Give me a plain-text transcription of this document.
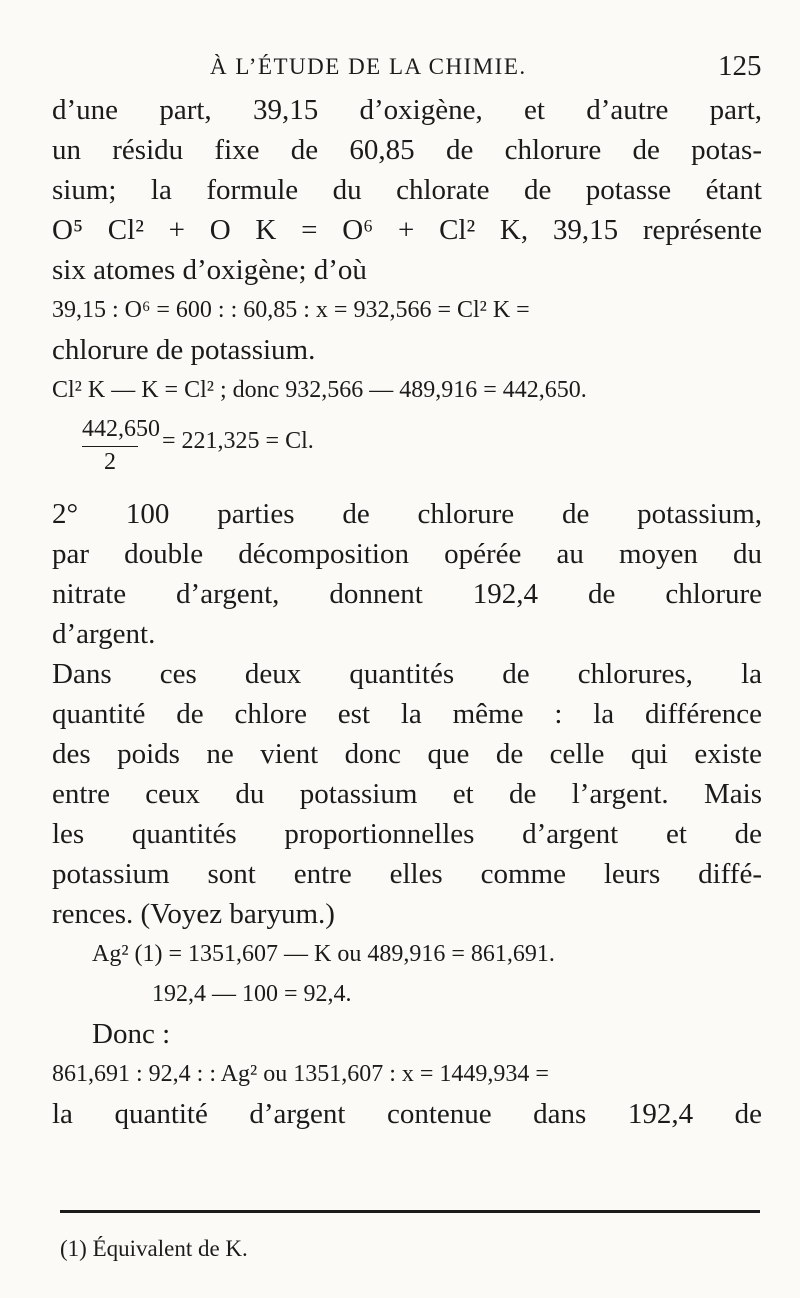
À L’ÉTUDE DE LA CHIMIE.	125
d’une part, 39,15 d’oxigène, et d’autre part,
un résidu fixe de 60,85 de chlorure de potas-
sium; la formule du chlorate de potasse étant
O⁵ Cl² + O K = O⁶ + Cl² K, 39,15 représente
six atomes d’oxigène; d’où
39,15 : O⁶ = 600 : : 60,85 : x = 932,566 = Cl² K =
chlorure de potassium.
Cl² K — K = Cl² ; donc 932,566 — 489,916 = 442,650.
$\frac{442,650}{2} = 221,325 = Cl$.
2° 100 parties de chlorure de potassium,
par double décomposition opérée au moyen du
nitrate d’argent, donnent 192,4 de chlorure
d’argent.
Dans ces deux quantités de chlorures, la
quantité de chlore est la même : la différence
des poids ne vient donc que de celle qui existe
entre ceux du potassium et de l’argent. Mais
les quantités proportionnelles d’argent et de
potassium sont entre elles comme leurs diffé-
rences. (Voyez baryum.)
Ag² (1) = 1351,607 — K ou 489,916 = 861,691.
192,4 — 100 = 92,4.
Donc :
861,691 : 92,4 : : Ag² ou 1351,607 : x = 1449,934 =
la quantité d’argent contenue dans 192,4 de
(1) Équivalent de K.
